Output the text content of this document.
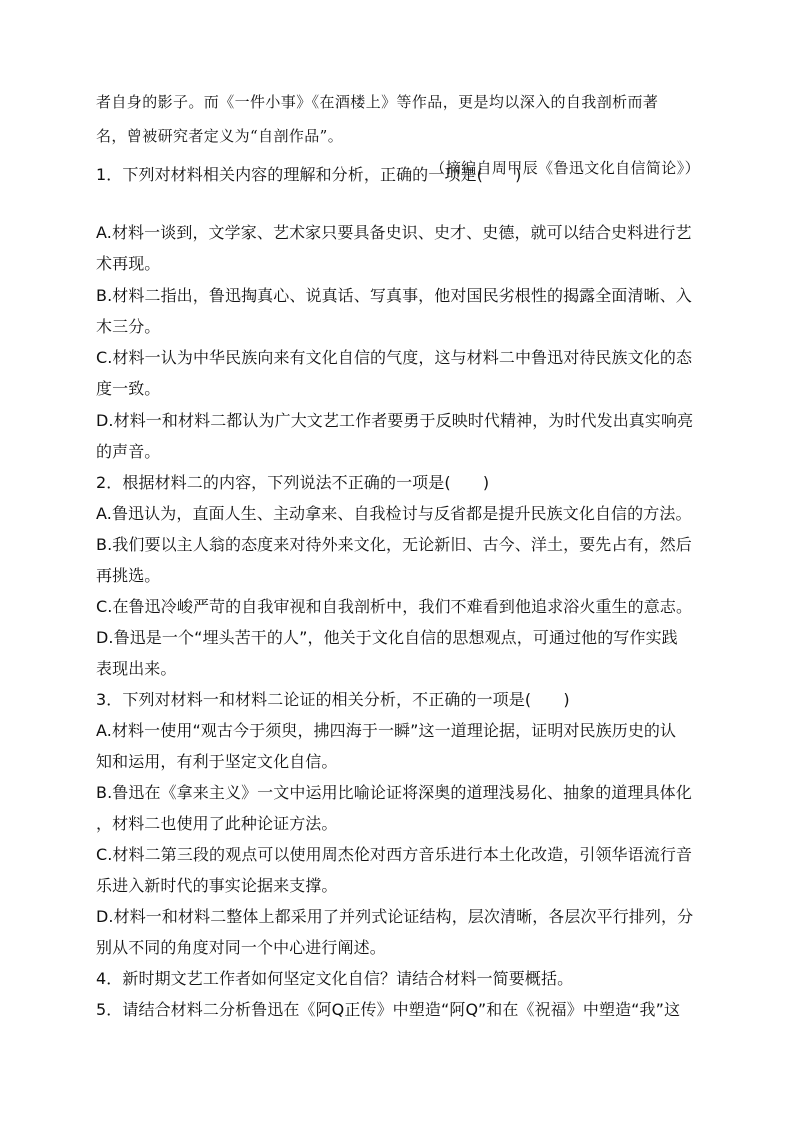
者自身的影子。而《一件小事》《在酒楼上》等作品，更是均以深入的自我剖析而著
名，曾被研究者定义为“自剖作品”。
（摘编自周甲辰《鲁迅文化自信简论》）
1．下列对材料相关内容的理解和分析，正确的一项是(　　)
A.材料一谈到，文学家、艺术家只要具备史识、史才、史德，就可以结合史料进行艺
术再现。
B.材料二指出，鲁迅掏真心、说真话、写真事，他对国民劣根性的揭露全面清晰、入
木三分。
C.材料一认为中华民族向来有文化自信的气度，这与材料二中鲁迅对待民族文化的态
度一致。
D.材料一和材料二都认为广大文艺工作者要勇于反映时代精神，为时代发出真实响亮
的声音。
2．根据材料二的内容，下列说法不正确的一项是(　　)
A.鲁迅认为，直面人生、主动拿来、自我检讨与反省都是提升民族文化自信的方法。
B.我们要以主人翁的态度来对待外来文化，无论新旧、古今、洋土，要先占有，然后
再挑选。
C.在鲁迅冷峻严苛的自我审视和自我剖析中，我们不难看到他追求浴火重生的意志。
D.鲁迅是一个“埋头苦干的人”，他关于文化自信的思想观点，可通过他的写作实践
表现出来。
3．下列对材料一和材料二论证的相关分析，不正确的一项是(　　)
A.材料一使用“观古今于须臾，拂四海于一瞬”这一道理论据，证明对民族历史的认
知和运用，有利于坚定文化自信。
B.鲁迅在《拿来主义》一文中运用比喻论证将深奥的道理浅易化、抽象的道理具体化
，材料二也使用了此种论证方法。
C.材料二第三段的观点可以使用周杰伦对西方音乐进行本土化改造，引领华语流行音
乐进入新时代的事实论据来支撑。
D.材料一和材料二整体上都采用了并列式论证结构，层次清晰，各层次平行排列，分
别从不同的角度对同一个中心进行阐述。
4．新时期文艺工作者如何坚定文化自信？请结合材料一简要概括。
5．请结合材料二分析鲁迅在《阿Q正传》中塑造“阿Q”和在《祝福》中塑造“我”这
